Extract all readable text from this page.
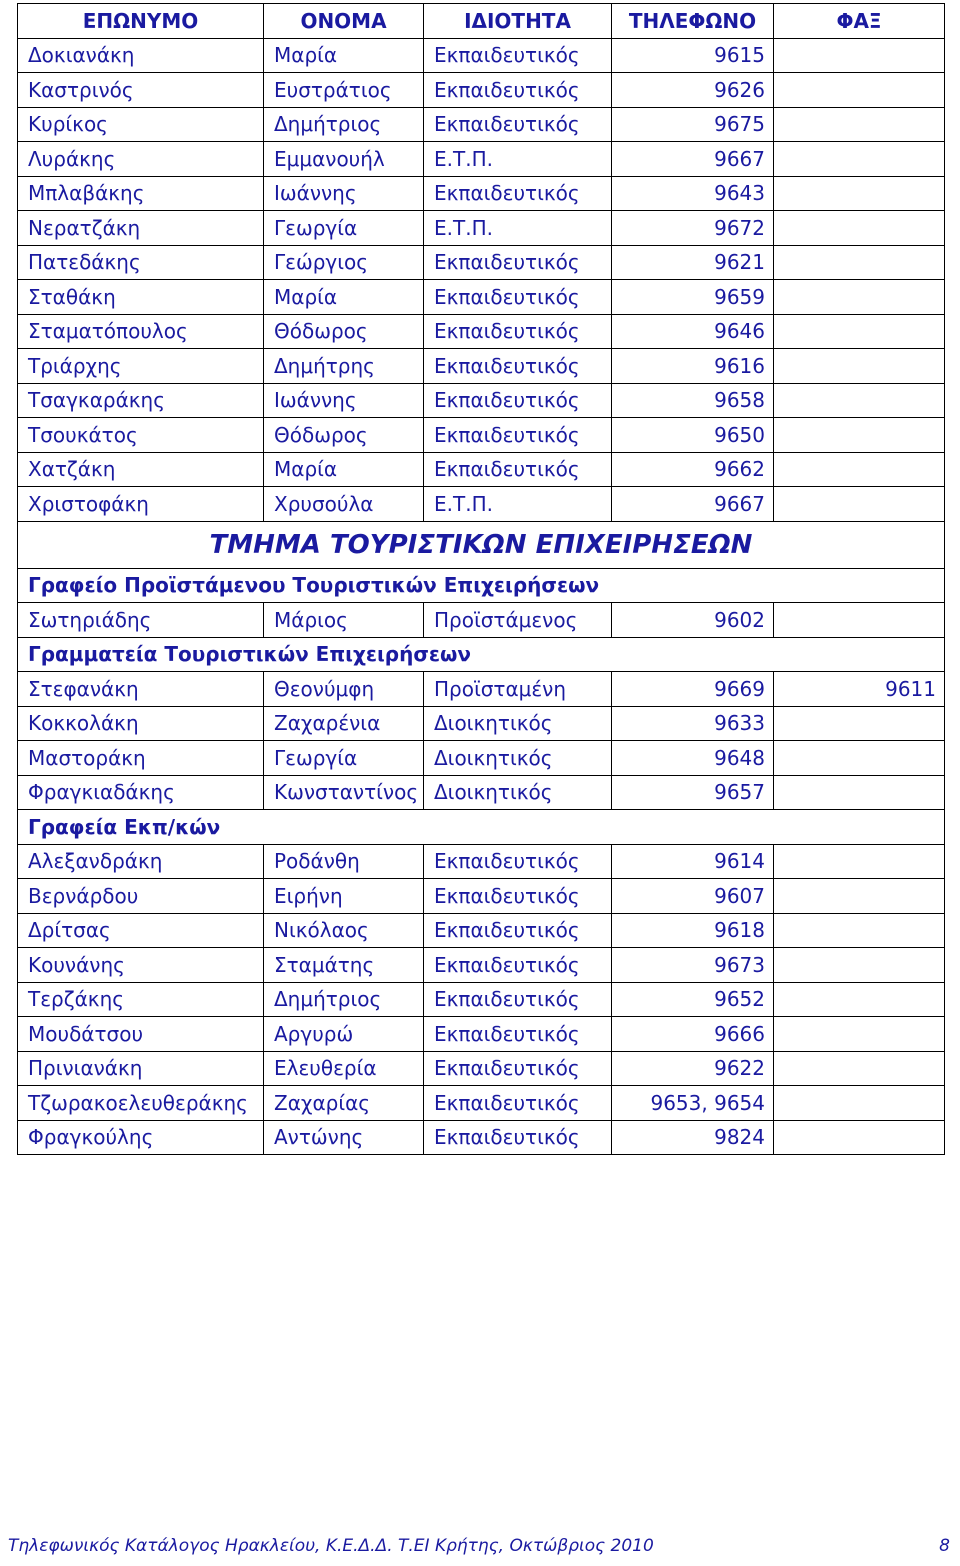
ΕΠΩΝΥΜΟ	ΟΝΟΜΑ	ΙΔΙΟΤΗΤΑ	ΤΗΛΕΦΩΝΟ	ΦΑΞ
Δοκιανάκη	Μαρία	Εκπαιδευτικός	9615	
Καστρινός	Ευστράτιος	Εκπαιδευτικός	9626	
Κυρίκος	Δημήτριος	Εκπαιδευτικός	9675	
Λυράκης	Εμμανουήλ	Ε.Τ.Π.	9667	
Μπλαβάκης	Ιωάννης	Εκπαιδευτικός	9643	
Νερατζάκη	Γεωργία	Ε.Τ.Π.	9672	
Πατεδάκης	Γεώργιος	Εκπαιδευτικός	9621	
Σταθάκη	Μαρία	Εκπαιδευτικός	9659	
Σταματόπουλος	Θόδωρος	Εκπαιδευτικός	9646	
Τριάρχης	Δημήτρης	Εκπαιδευτικός	9616	
Τσαγκαράκης	Ιωάννης	Εκπαιδευτικός	9658	
Τσουκάτος	Θόδωρος	Εκπαιδευτικός	9650	
Χατζάκη	Μαρία	Εκπαιδευτικός	9662	
Χριστοφάκη	Χρυσούλα	Ε.Τ.Π.	9667	
ΤΜΗΜΑ ΤΟΥΡΙΣΤΙΚΩΝ ΕΠΙΧΕΙΡΗΣΕΩΝ				
Γραφείο Προϊστάμενου Τουριστικών Επιχειρήσεων				
Σωτηριάδης	Μάριος	Προϊστάμενος	9602	
Γραμματεία Τουριστικών Επιχειρήσεων				
Στεφανάκη	Θεονύμφη	Προϊσταμένη	9669	9611
Κοκκολάκη	Ζαχαρένια	Διοικητικός	9633	
Μαστοράκη	Γεωργία	Διοικητικός	9648	
Φραγκιαδάκης	Κωνσταντίνος	Διοικητικός	9657	
Γραφεία Εκπ/κών				
Αλεξανδράκη	Ροδάνθη	Εκπαιδευτικός	9614	
Βερνάρδου	Ειρήνη	Εκπαιδευτικός	9607	
Δρίτσας	Νικόλαος	Εκπαιδευτικός	9618	
Κουνάνης	Σταμάτης	Εκπαιδευτικός	9673	
Τερζάκης	Δημήτριος	Εκπαιδευτικός	9652	
Μουδάτσου	Αργυρώ	Εκπαιδευτικός	9666	
Πρινιανάκη	Ελευθερία	Εκπαιδευτικός	9622	
Τζωρακοελευθεράκης	Ζαχαρίας	Εκπαιδευτικός	9653, 9654	
Φραγκούλης	Αντώνης	Εκπαιδευτικός	9824	
Τηλεφωνικός Κατάλογος Ηρακλείου, Κ.Ε.Δ.Δ. Τ.ΕΙ Κρήτης, Οκτώβριος 2010	8
